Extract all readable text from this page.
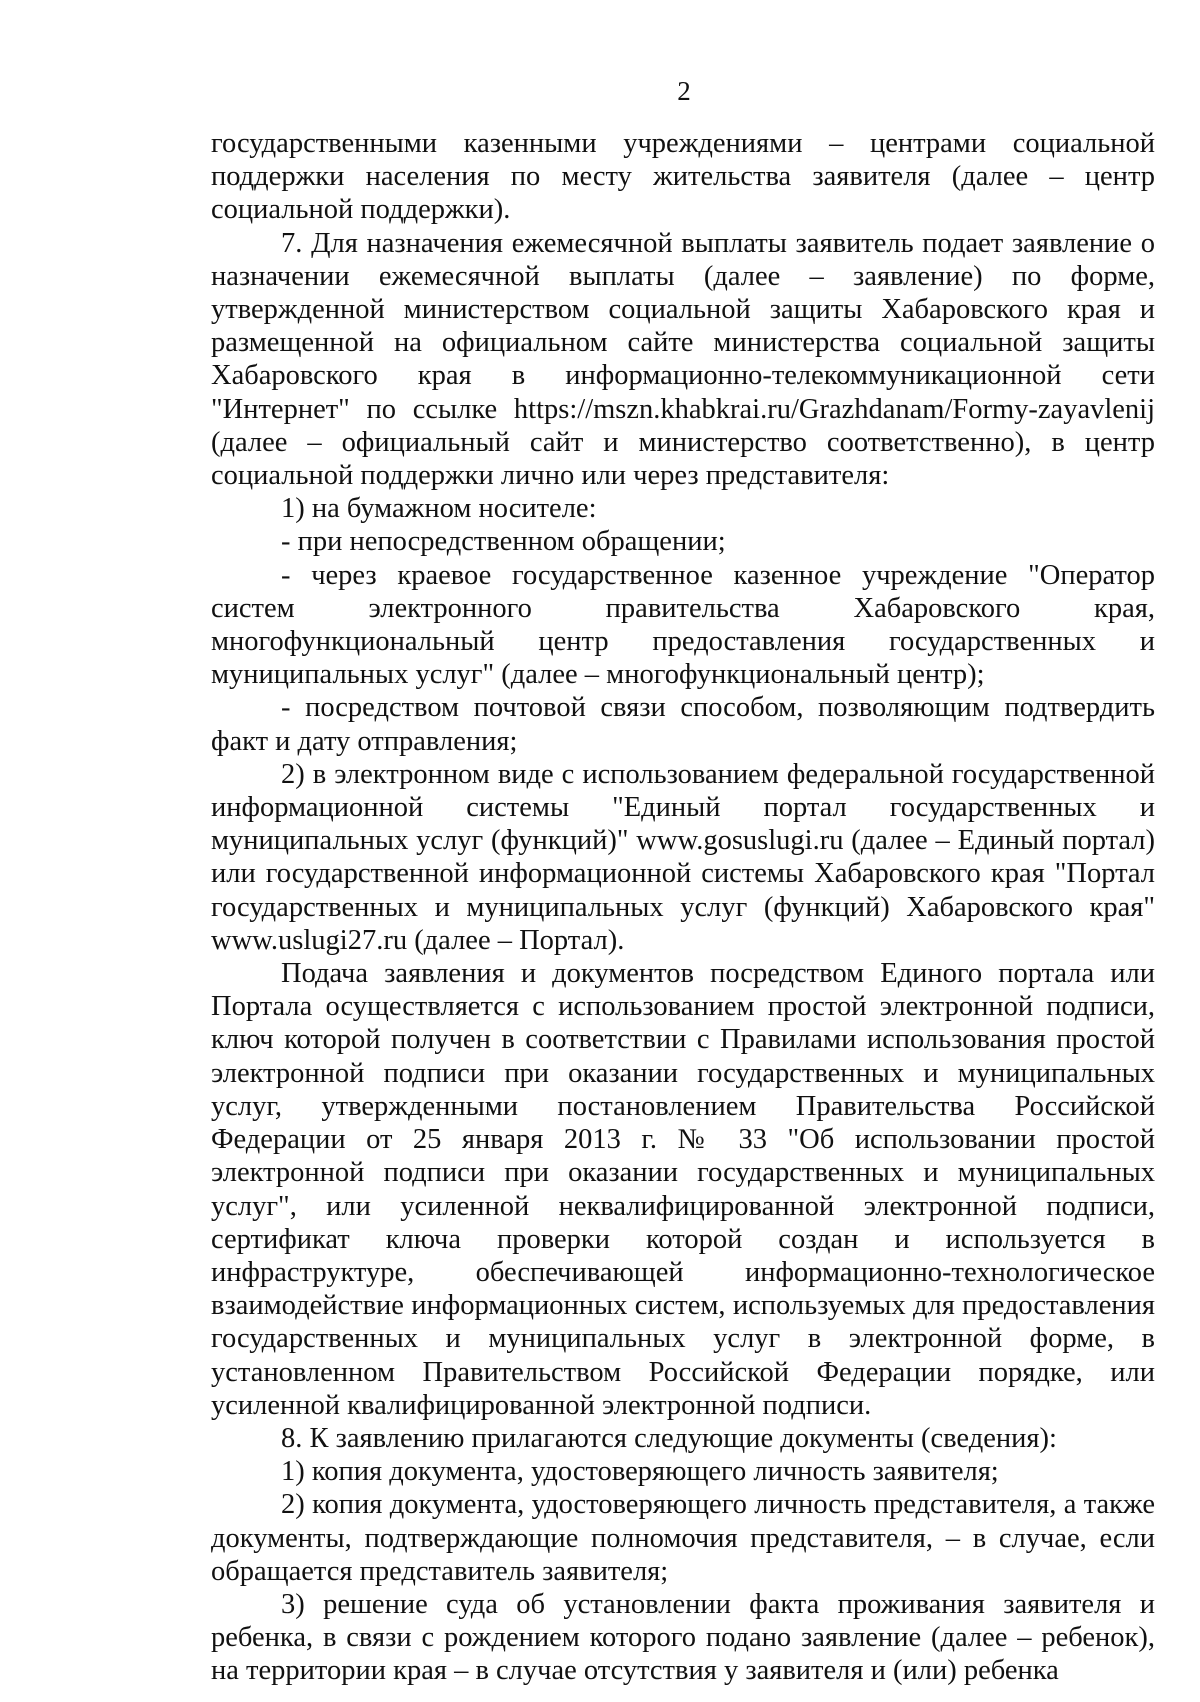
2

государственными казенными учреждениями – центрами социальной поддержки населения по месту жительства заявителя (далее – центр социальной поддержки).

7. Для назначения ежемесячной выплаты заявитель подает заявление о назначении ежемесячной выплаты (далее – заявление) по форме, утвержденной министерством социальной защиты Хабаровского края и размещенной на официальном сайте министерства социальной защиты Хабаровского края в информационно-телекоммуникационной сети "Интернет" по ссылке https://mszn.khabkrai.ru/Grazhdanam/Formy-zayavlenij (далее – официальный сайт и министерство соответственно), в центр социальной поддержки лично или через представителя:

1) на бумажном носителе:

- при непосредственном обращении;

- через краевое государственное казенное учреждение "Оператор систем электронного правительства Хабаровского края, многофункциональный центр предоставления государственных и муниципальных услуг" (далее – многофункциональный центр);

- посредством почтовой связи способом, позволяющим подтвердить факт и дату отправления;

2) в электронном виде с использованием федеральной государственной информационной системы "Единый портал государственных и муниципальных услуг (функций)" www.gosuslugi.ru (далее – Единый портал) или государственной информационной системы Хабаровского края "Портал государственных и муниципальных услуг (функций) Хабаровского края" www.uslugi27.ru (далее – Портал).

Подача заявления и документов посредством Единого портала или Портала осуществляется с использованием простой электронной подписи, ключ которой получен в соответствии с Правилами использования простой электронной подписи при оказании государственных и муниципальных услуг, утвержденными постановлением Правительства Российской Федерации от 25 января 2013 г. № 33 "Об использовании простой электронной подписи при оказании государственных и муниципальных услуг", или усиленной неквалифицированной электронной подписи, сертификат ключа проверки которой создан и используется в инфраструктуре, обеспечивающей информационно-технологическое взаимодействие информационных систем, используемых для предоставления государственных и муниципальных услуг в электронной форме, в установленном Правительством Российской Федерации порядке, или усиленной квалифицированной электронной подписи.

8. К заявлению прилагаются следующие документы (сведения):

1) копия документа, удостоверяющего личность заявителя;

2) копия документа, удостоверяющего личность представителя, а также документы, подтверждающие полномочия представителя, – в случае, если обращается представитель заявителя;

3) решение суда об установлении факта проживания заявителя и ребенка, в связи с рождением которого подано заявление (далее – ребенок), на территории края – в случае отсутствия у заявителя и (или) ребенка
